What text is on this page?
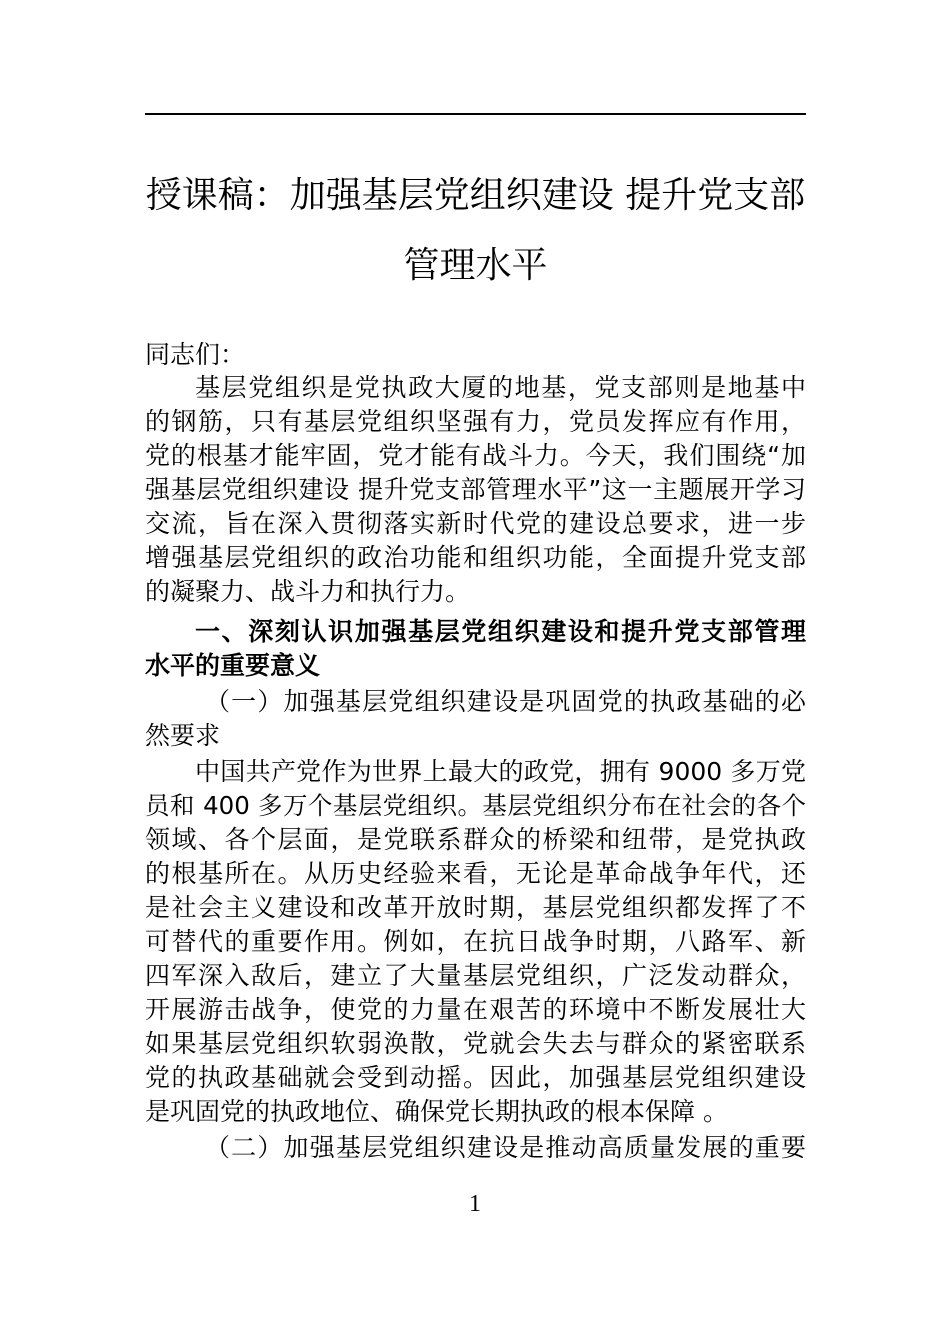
授课稿：加强基层党组织建设 提升党支部
管理水平
同志们：
基层党组织是党执政大厦的地基，党支部则是地基中
的钢筋，只有基层党组织坚强有力，党员发挥应有作用，
党的根基才能牢固，党才能有战斗力。今天，我们围绕“加
强基层党组织建设 提升党支部管理水平”这一主题展开学习
交流，旨在深入贯彻落实新时代党的建设总要求，进一步
增强基层党组织的政治功能和组织功能，全面提升党支部
的凝聚力、战斗力和执行力。
一、深刻认识加强基层党组织建设和提升党支部管理
水平的重要意义
（一）加强基层党组织建设是巩固党的执政基础的必
然要求
中国共产党作为世界上最大的政党，拥有 9000 多万党
员和 400 多万个基层党组织。基层党组织分布在社会的各个
领域、各个层面，是党联系群众的桥梁和纽带，是党执政
的根基所在。从历史经验来看，无论是革命战争年代，还
是社会主义建设和改革开放时期，基层党组织都发挥了不
可替代的重要作用。例如，在抗日战争时期，八路军、新
四军深入敌后，建立了大量基层党组织，广泛发动群众，
开展游击战争，使党的力量在艰苦的环境中不断发展壮大
如果基层党组织软弱涣散，党就会失去与群众的紧密联系
党的执政基础就会受到动摇。因此，加强基层党组织建设
是巩固党的执政地位、确保党长期执政的根本保障 。
（二）加强基层党组织建设是推动高质量发展的重要
1
